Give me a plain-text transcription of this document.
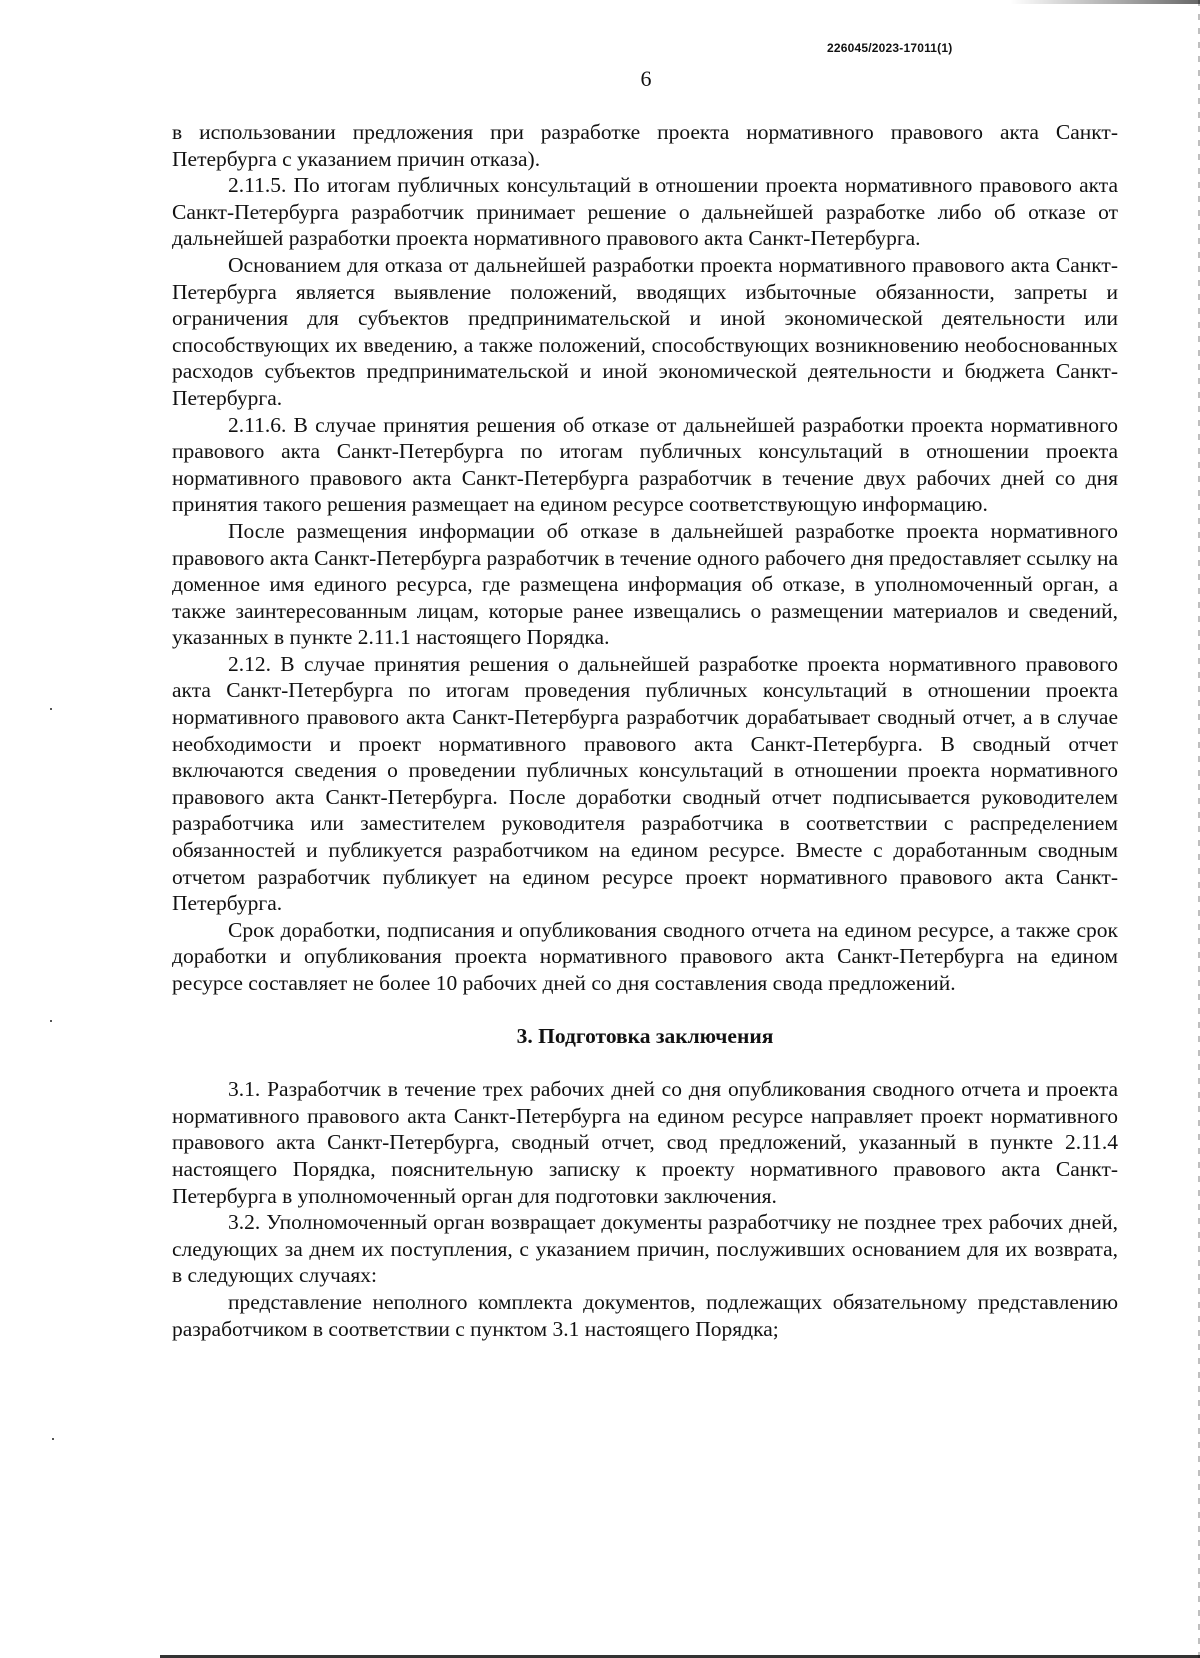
226045/2023-17011(1)
6

в использовании предложения при разработке проекта нормативного правового акта Санкт-Петербурга с указанием причин отказа).

2.11.5. По итогам публичных консультаций в отношении проекта нормативного правового акта Санкт-Петербурга разработчик принимает решение о дальнейшей разработке либо об отказе от дальнейшей разработки проекта нормативного правового акта Санкт-Петербурга.

Основанием для отказа от дальнейшей разработки проекта нормативного правового акта Санкт-Петербурга является выявление положений, вводящих избыточные обязанности, запреты и ограничения для субъектов предпринимательской и иной экономической деятельности или способствующих их введению, а также положений, способствующих возникновению необоснованных расходов субъектов предпринимательской и иной экономической деятельности и бюджета Санкт-Петербурга.

2.11.6. В случае принятия решения об отказе от дальнейшей разработки проекта нормативного правового акта Санкт-Петербурга по итогам публичных консультаций в отношении проекта нормативного правового акта Санкт-Петербурга разработчик в течение двух рабочих дней со дня принятия такого решения размещает на едином ресурсе соответствующую информацию.

После размещения информации об отказе в дальнейшей разработке проекта нормативного правового акта Санкт-Петербурга разработчик в течение одного рабочего дня предоставляет ссылку на доменное имя единого ресурса, где размещена информация об отказе, в уполномоченный орган, а также заинтересованным лицам, которые ранее извещались о размещении материалов и сведений, указанных в пункте 2.11.1 настоящего Порядка.

2.12. В случае принятия решения о дальнейшей разработке проекта нормативного правового акта Санкт-Петербурга по итогам проведения публичных консультаций в отношении проекта нормативного правового акта Санкт-Петербурга разработчик дорабатывает сводный отчет, а в случае необходимости и проект нормативного правового акта Санкт-Петербурга. В сводный отчет включаются сведения о проведении публичных консультаций в отношении проекта нормативного правового акта Санкт-Петербурга. После доработки сводный отчет подписывается руководителем разработчика или заместителем руководителя разработчика в соответствии с распределением обязанностей и публикуется разработчиком на едином ресурсе. Вместе с доработанным сводным отчетом разработчик публикует на едином ресурсе проект нормативного правового акта Санкт-Петербурга.

Срок доработки, подписания и опубликования сводного отчета на едином ресурсе, а также срок доработки и опубликования проекта нормативного правового акта Санкт-Петербурга на едином ресурсе составляет не более 10 рабочих дней со дня составления свода предложений.

3. Подготовка заключения

3.1. Разработчик в течение трех рабочих дней со дня опубликования сводного отчета и проекта нормативного правового акта Санкт-Петербурга на едином ресурсе направляет проект нормативного правового акта Санкт-Петербурга, сводный отчет, свод предложений, указанный в пункте 2.11.4 настоящего Порядка, пояснительную записку к проекту нормативного правового акта Санкт-Петербурга в уполномоченный орган для подготовки заключения.

3.2. Уполномоченный орган возвращает документы разработчику не позднее трех рабочих дней, следующих за днем их поступления, с указанием причин, послуживших основанием для их возврата, в следующих случаях:

представление неполного комплекта документов, подлежащих обязательному представлению разработчиком в соответствии с пунктом 3.1 настоящего Порядка;
